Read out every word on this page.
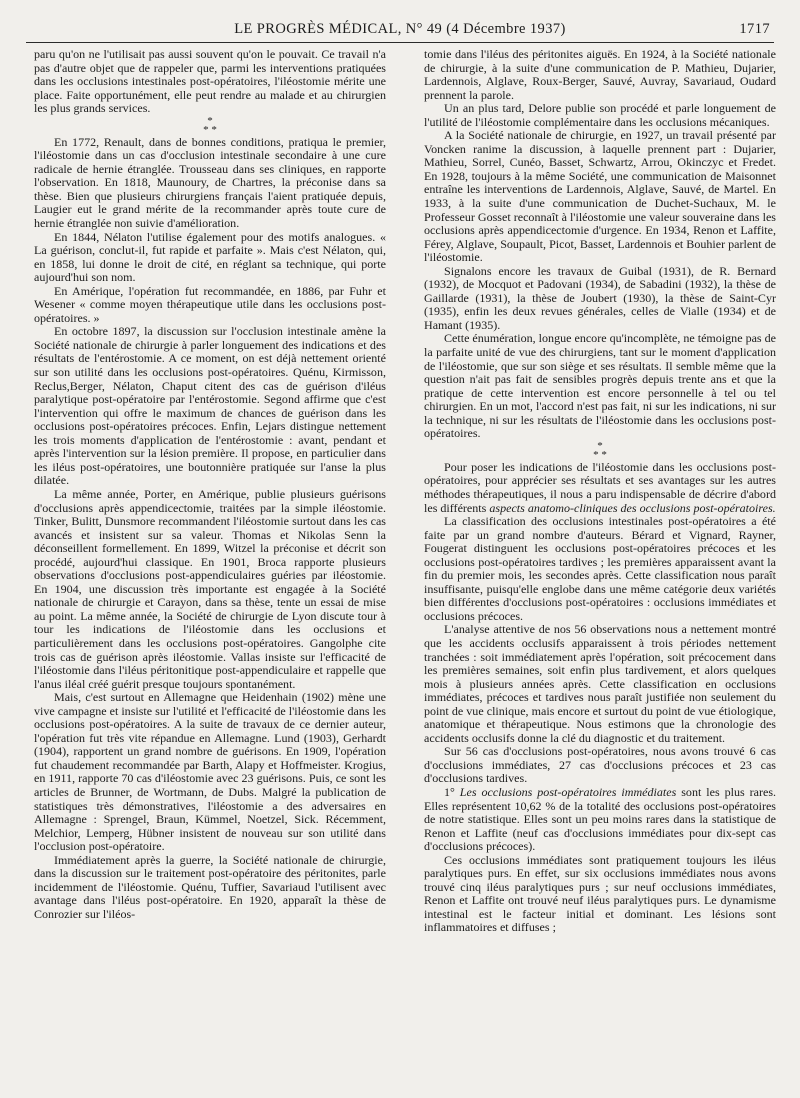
LE PROGRÈS MÉDICAL, N° 49 (4 Décembre 1937)	1717

paru qu'on ne l'utilisait pas aussi souvent qu'on le pouvait. Ce travail n'a pas d'autre objet que de rappeler que, parmi les interventions pratiquées dans les occlusions intestinales post-opératoires, l'iléostomie mérite une place. Faite opportunément, elle peut rendre au malade et au chirurgien les plus grands services.

*
* *

En 1772, Renault, dans de bonnes conditions, pratiqua le premier, l'iléostomie dans un cas d'occlusion intestinale secondaire à une cure radicale de hernie étranglée. Trousseau dans ses cliniques, en rapporte l'observation. En 1818, Maunoury, de Chartres, la préconise dans sa thèse. Bien que plusieurs chirurgiens français l'aient pratiquée depuis, Laugier eut le grand mérite de la recommander après toute cure de hernie étranglée non suivie d'amélioration.

En 1844, Nélaton l'utilise également pour des motifs analogues. « La guérison, conclut-il, fut rapide et parfaite ». Mais c'est Nélaton, qui, en 1858, lui donne le droit de cité, en réglant sa technique, qui porte aujourd'hui son nom.

En Amérique, l'opération fut recommandée, en 1886, par Fuhr et Wesener « comme moyen thérapeutique utile dans les occlusions post-opératoires. »

En octobre 1897, la discussion sur l'occlusion intestinale amène la Société nationale de chirurgie à parler longuement des indications et des résultats de l'entérostomie. A ce moment, on est déjà nettement orienté sur son utilité dans les occlusions post-opératoires. Quénu, Kirmisson, Reclus,Berger, Nélaton, Chaput citent des cas de guérison d'iléus paralytique post-opératoire par l'entérostomie. Segond affirme que c'est l'intervention qui offre le maximum de chances de guérison dans les occlusions post-opératoires précoces. Enfin, Lejars distingue nettement les trois moments d'application de l'entérostomie : avant, pendant et après l'intervention sur la lésion première. Il propose, en particulier dans les iléus post-opératoires, une boutonnière pratiquée sur l'anse la plus dilatée.

La même année, Porter, en Amérique, publie plusieurs guérisons d'occlusions après appendicectomie, traitées par la simple iléostomie. Tinker, Bulitt, Dunsmore recommandent l'iléostomie surtout dans les cas avancés et insistent sur sa valeur. Thomas et Nikolas Senn la déconseillent formellement. En 1899, Witzel la préconise et décrit son procédé, aujourd'hui classique. En 1901, Broca rapporte plusieurs observations d'occlusions post-appendiculaires guéries par iléostomie. En 1904, une discussion très importante est engagée à la Société nationale de chirurgie et Carayon, dans sa thèse, tente un essai de mise au point. La même année, la Société de chirurgie de Lyon discute tour à tour les indications de l'iléostomie dans les occlusions et particulièrement dans les occlusions post-opératoires. Gangolphe cite trois cas de guérison après iléostomie. Vallas insiste sur l'efficacité de l'iléostomie dans l'iléus péritonitique post-appendiculaire et rappelle que l'anus iléal créé guérit presque toujours spontanément.

Mais, c'est surtout en Allemagne que Heidenhain (1902) mène une vive campagne et insiste sur l'utilité et l'efficacité de l'iléostomie dans les occlusions post-opératoires. A la suite de travaux de ce dernier auteur, l'opération fut très vite répandue en Allemagne. Lund (1903), Gerhardt (1904), rapportent un grand nombre de guérisons. En 1909, l'opération fut chaudement recommandée par Barth, Alapy et Hoffmeister. Krogius, en 1911, rapporte 70 cas d'iléostomie avec 23 guérisons. Puis, ce sont les articles de Brunner, de Wortmann, de Dubs. Malgré la publication de statistiques très démonstratives, l'iléostomie a des adversaires en Allemagne : Sprengel, Braun, Kümmel, Noetzel, Sick. Récemment, Melchior, Lemperg, Hübner insistent de nouveau sur son utilité dans l'occlusion post-opératoire.

Immédiatement après la guerre, la Société nationale de chirurgie, dans la discussion sur le traitement post-opératoire des péritonites, parle incidemment de l'iléostomie. Quénu, Tuffier, Savariaud l'utilisent avec avantage dans l'iléus post-opératoire. En 1920, apparaît la thèse de Conrozier sur l'iléos-

tomie dans l'iléus des péritonites aiguës. En 1924, à la Société nationale de chirurgie, à la suite d'une communication de P. Mathieu, Dujarier, Lardennois, Alglave, Roux-Berger, Sauvé, Auvray, Savariaud, Oudard prennent la parole.

Un an plus tard, Delore publie son procédé et parle longuement de l'utilité de l'iléostomie complémentaire dans les occlusions mécaniques.

A la Société nationale de chirurgie, en 1927, un travail présenté par Voncken ranime la discussion, à laquelle prennent part : Dujarier, Mathieu, Sorrel, Cunéo, Basset, Schwartz, Arrou, Okinczyc et Fredet. En 1928, toujours à la même Société, une communication de Maisonnet entraîne les interventions de Lardennois, Alglave, Sauvé, de Martel. En 1933, à la suite d'une communication de Duchet-Suchaux, M. le Professeur Gosset reconnaît à l'iléostomie une valeur souveraine dans les occlusions après appendicectomie d'urgence. En 1934, Renon et Laffite, Férey, Alglave, Soupault, Picot, Basset, Lardennois et Bouhier parlent de l'iléostomie.

Signalons encore les travaux de Guibal (1931), de R. Bernard (1932), de Mocquot et Padovani (1934), de Sabadini (1932), la thèse de Gaillarde (1931), la thèse de Joubert (1930), la thèse de Saint-Cyr (1935), enfin les deux revues générales, celles de Vialle (1934) et de Hamant (1935).

Cette énumération, longue encore qu'incomplète, ne témoigne pas de la parfaite unité de vue des chirurgiens, tant sur le moment d'application de l'iléostomie, que sur son siège et ses résultats. Il semble même que la question n'ait pas fait de sensibles progrès depuis trente ans et que la pratique de cette intervention est encore personnelle à tel ou tel chirurgien. En un mot, l'accord n'est pas fait, ni sur les indications, ni sur la technique, ni sur les résultats de l'iléostomie dans les occlusions post-opératoires.

*
* *

Pour poser les indications de l'iléostomie dans les occlusions post-opératoires, pour apprécier ses résultats et ses avantages sur les autres méthodes thérapeutiques, il nous a paru indispensable de décrire d'abord les différents aspects anatomo-cliniques des occlusions post-opératoires.

La classification des occlusions intestinales post-opératoires a été faite par un grand nombre d'auteurs. Bérard et Vignard, Rayner, Fougerat distinguent les occlusions post-opératoires précoces et les occlusions post-opératoires tardives ; les premières apparaissent avant la fin du premier mois, les secondes après. Cette classification nous paraît insuffisante, puisqu'elle englobe dans une même catégorie deux variétés bien différentes d'occlusions post-opératoires : occlusions immédiates et occlusions précoces.

L'analyse attentive de nos 56 observations nous a nettement montré que les accidents occlusifs apparaissent à trois périodes nettement tranchées : soit immédiatement après l'opération, soit précocement dans les premières semaines, soit enfin plus tardivement, et alors quelques mois à plusieurs années après. Cette classification en occlusions immédiates, précoces et tardives nous paraît justifiée non seulement du point de vue clinique, mais encore et surtout du point de vue étiologique, anatomique et thérapeutique. Nous estimons que la chronologie des accidents occlusifs donne la clé du diagnostic et du traitement.

Sur 56 cas d'occlusions post-opératoires, nous avons trouvé 6 cas d'occlusions immédiates, 27 cas d'occlusions précoces et 23 cas d'occlusions tardives.

1° Les occlusions post-opératoires immédiates sont les plus rares. Elles représentent 10,62 % de la totalité des occlusions post-opératoires de notre statistique. Elles sont un peu moins rares dans la statistique de Renon et Laffite (neuf cas d'occlusions immédiates pour dix-sept cas d'occlusions précoces).

Ces occlusions immédiates sont pratiquement toujours les iléus paralytiques purs. En effet, sur six occlusions immédiates nous avons trouvé cinq iléus paralytiques purs ; sur neuf occlusions immédiates, Renon et Laffite ont trouvé neuf iléus paralytiques purs. Le dynamisme intestinal est le facteur initial et dominant. Les lésions sont inflammatoires et diffuses ;
